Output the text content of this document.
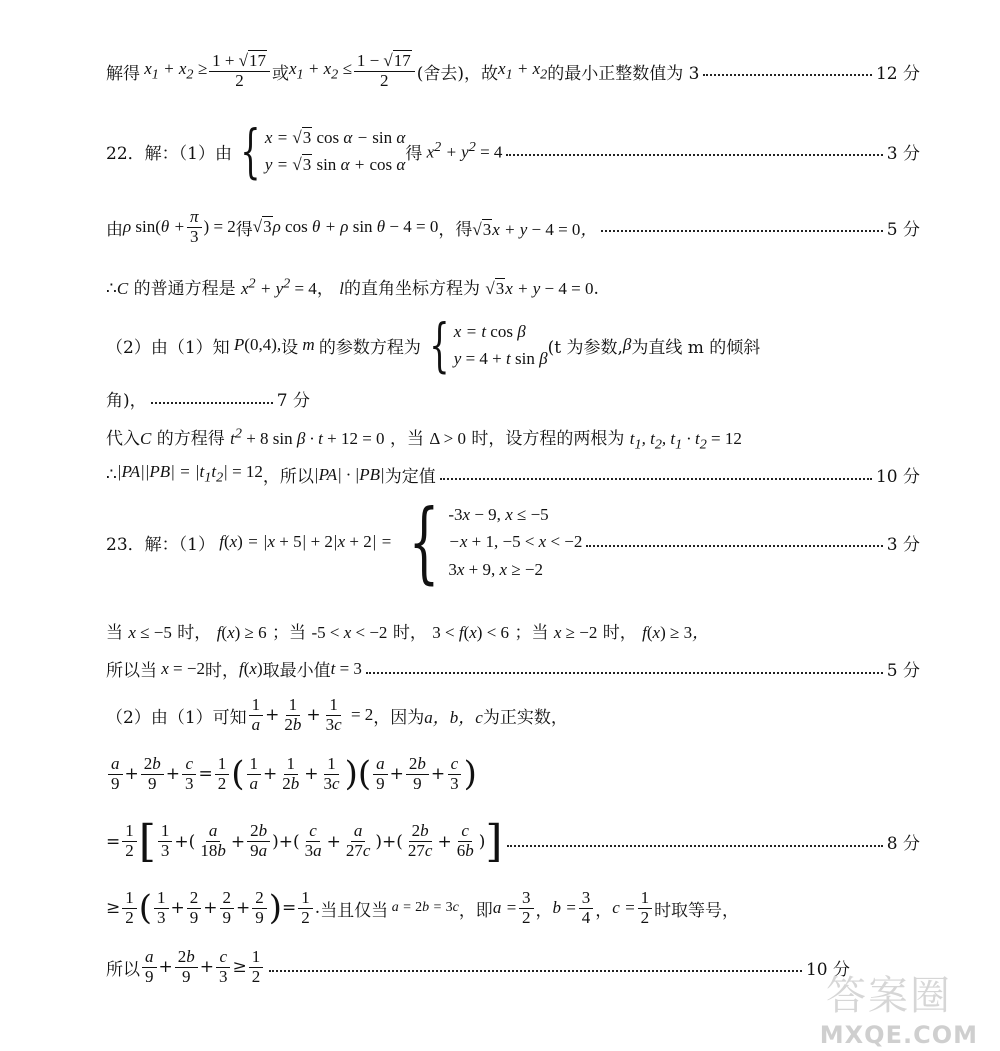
解得 $x_1 + x_2 \ge \frac{1 + √17}{2}$ 或 $x_1 + x_2 \le \frac{1 - √17}{2}$ (舍去)，故 $x_1 + x_2$ 的最小正整数值为 3	12 分
22．解：（1）由 { x = √3 cos α − sin α
y = √3 sin α + cos α
得 $x^2 + y^2 = 4$	3 分
由 ρ $\sin(\theta + \frac{\pi}{3}$ ) = 2 得 √3ρ cos θ + ρ sin θ − 4 = 0 ，得 √3x + y − 4 = 0，	5 分
∴C 的普通方程是 $x^2 + y^2 = 4$， l的直角坐标方程为 √3x + y − 4 = 0.
（2）由（1）知 P(0,4), 设 m 的参数方程为 { x = t cos β
y = 4 + t sin β
(t 为参数, β 为直线 m 的倾斜
角)，	7 分
代入C 的方程得 $t^2 + 8$ sin β · t + 12 = 0 ，当 Δ > 0 时，设方程的两根为 $t_1$, $t_2$, $t_1 \cdot t_2 = 12$
∴ $|PA||PB| = |t_1t_2| = 12$ ，所以 |PA| · |PB| 为定值	10 分
23．解：（1） f(x) = |x + 5| + 2|x + 2| = { -3x − 9, x ≤ −5
−x + 1, −5 < x < −2
3x + 9, x ≥ −2
3 分
当 x ≤ −5 时， f(x) ≥ 6 ；当 -5 < x < −2 时， 3 < f(x) < 6 ；当 x ≥ −2 时， f(x) ≥ 3，
所以当 x = −2 时， f(x) 取最小值 t = 3	5 分
（2）由（1）可知 $\frac{1}{a} + \frac{1}{2b} + \frac{1}{3c} = 2$ ，因为 a，b，c 为正实数，
$\frac{a}{9} + \frac{2b}{9} + \frac{c}{3} = \frac{1}{2}$ ( $\frac{1}{a} + \frac{1}{2b} + \frac{1}{3c}$ )( $\frac{a}{9} + \frac{2b}{9} + \frac{c}{3}$ )
= $\frac{1}{2}$ [ $\frac{1}{3}$ +( $\frac{a}{18b} + \frac{2b}{9a}$ )+( $\frac{c}{3a} + \frac{a}{27c}$ )+( $\frac{2b}{27c} + \frac{c}{6b}$ ) ]	8 分
≥ $\frac{1}{2}$ ( $\frac{1}{3} + \frac{2}{9} + \frac{2}{9} + \frac{2}{9}$ ) = $\frac{1}{2}$ . 当且仅当 a = 2b = 3c ，即 $a = \frac{3}{2}$ ， $b = \frac{3}{4}$ ， $c = \frac{1}{2}$ 时取等号，
所以 $\frac{a}{9} + \frac{2b}{9} + \frac{c}{3} \ge \frac{1}{2}$	10 分
答案圈
MXQE.COM
